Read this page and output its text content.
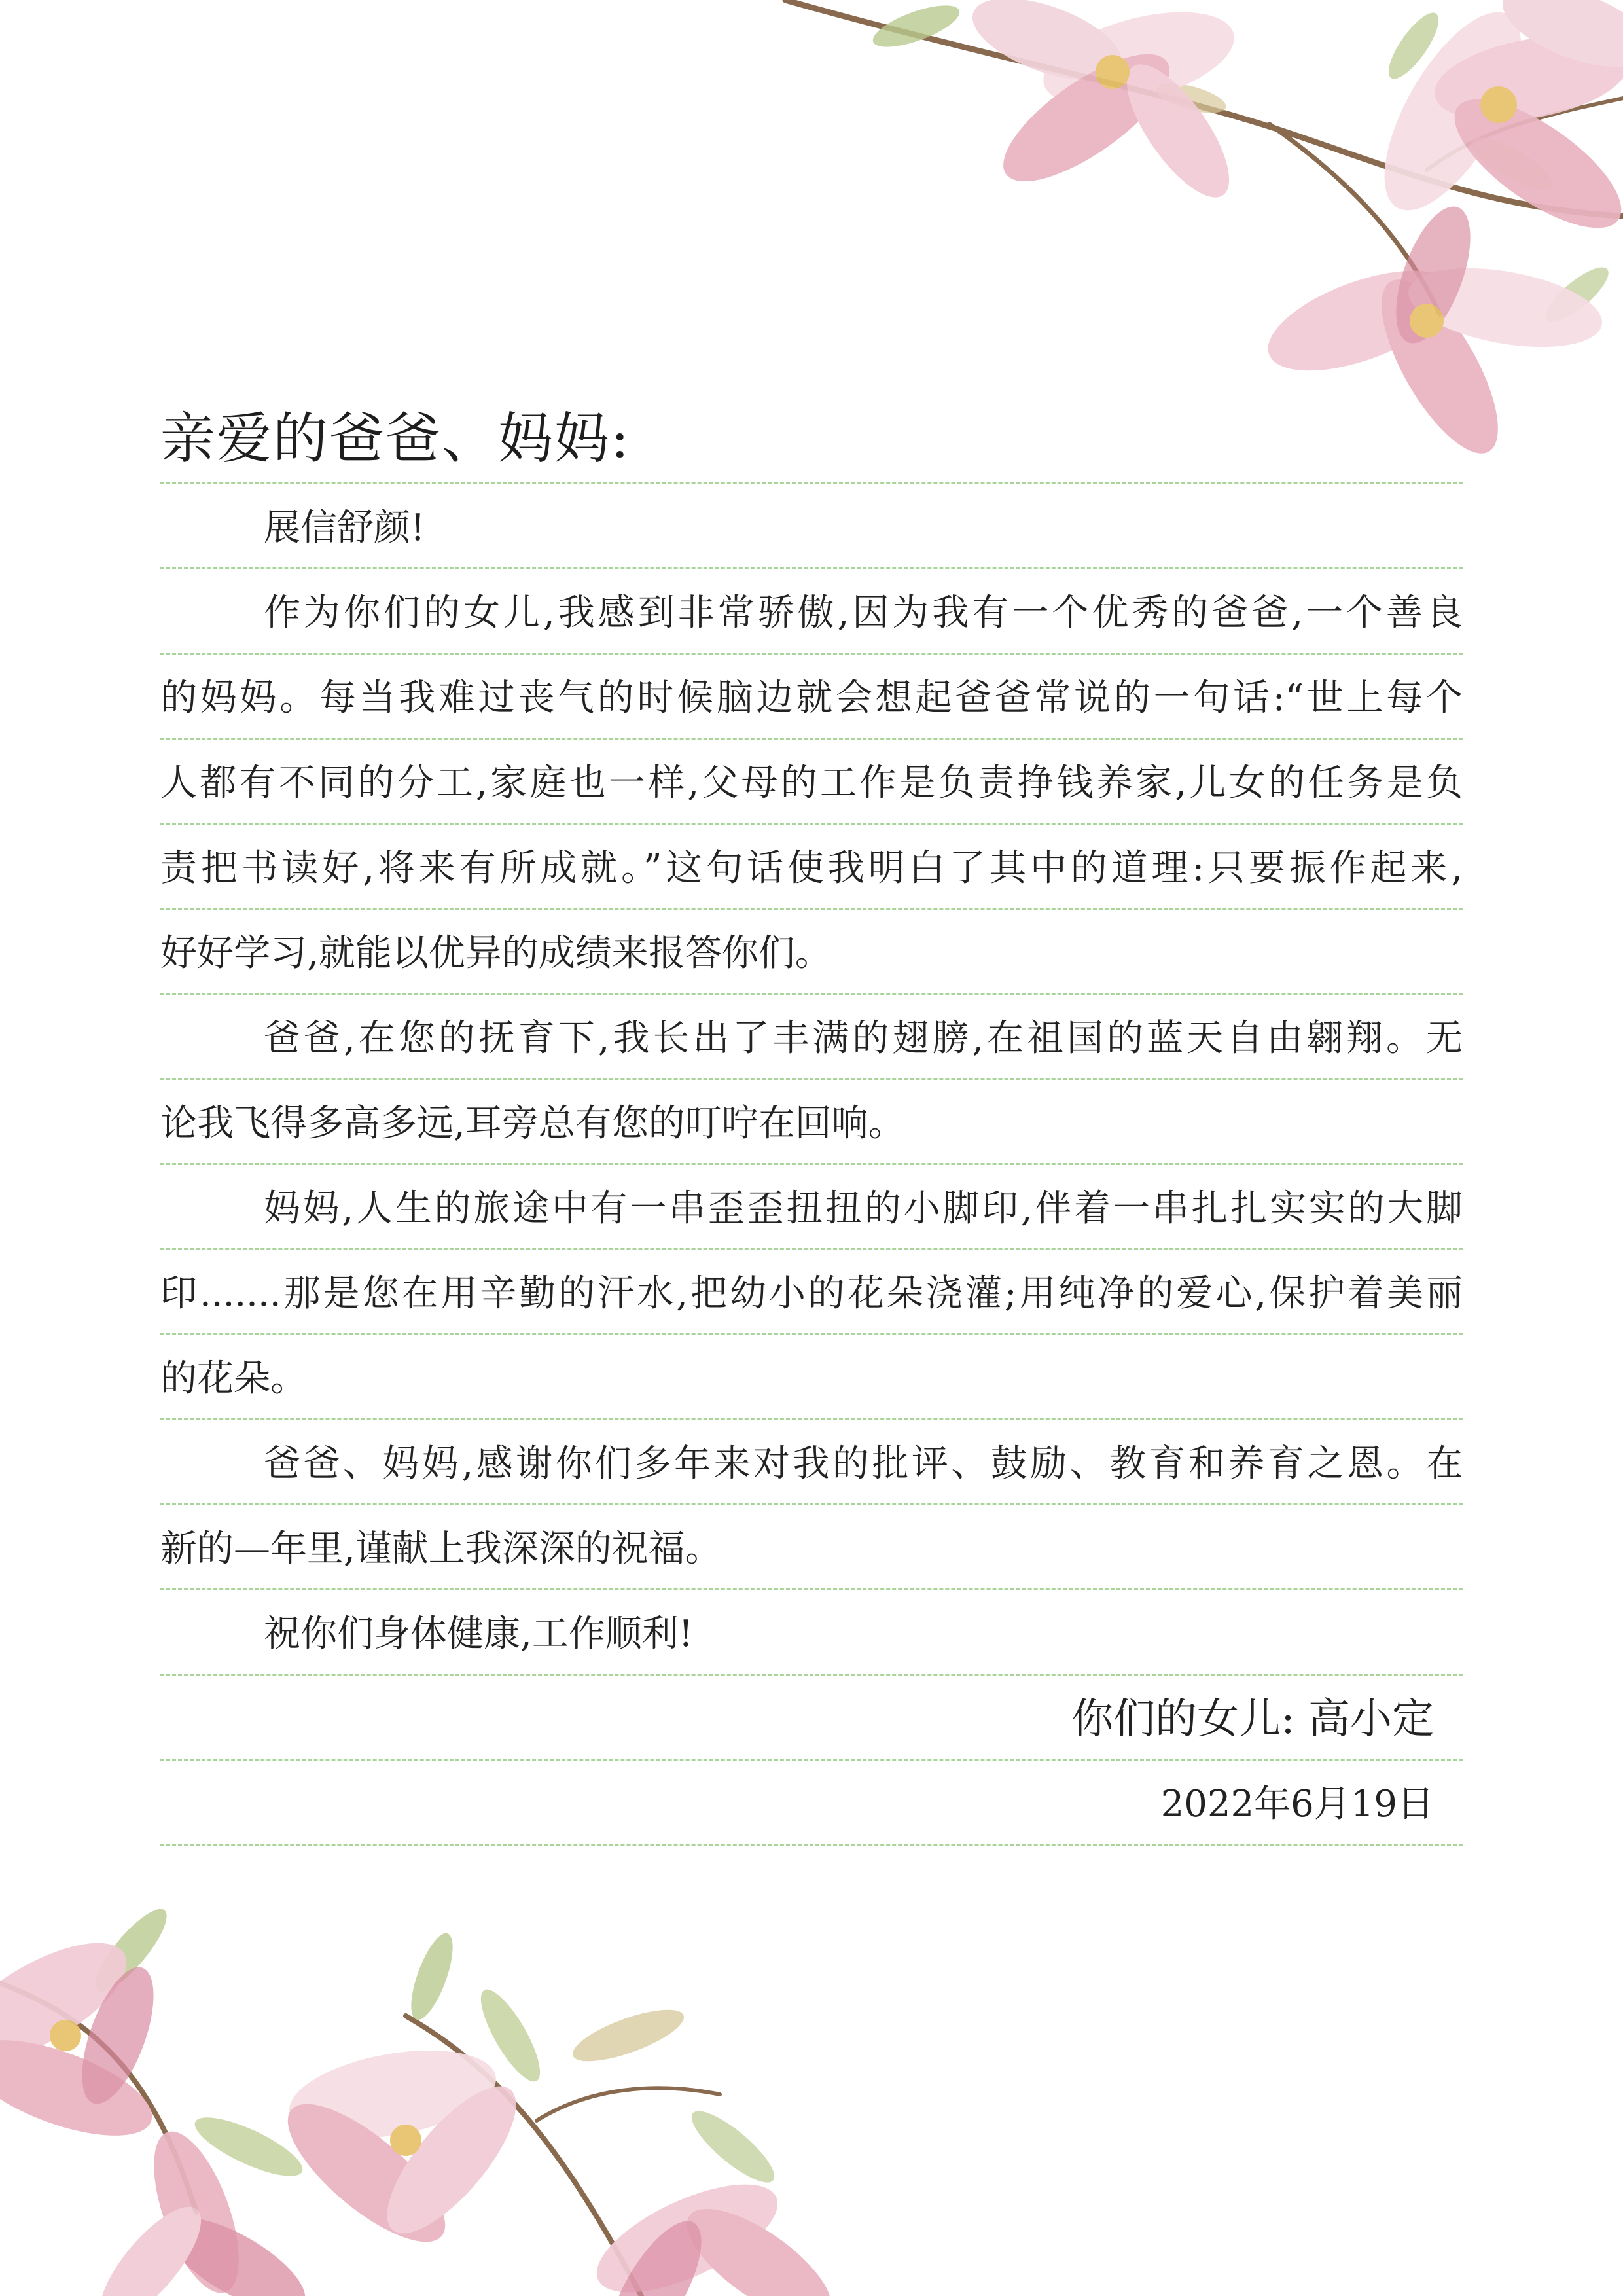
亲爱的爸爸、妈妈:
展信舒颜!
作为你们的女儿,我感到非常骄傲,因为我有一个优秀的爸爸,一个善良
的妈妈。每当我难过丧气的时候脑边就会想起爸爸常说的一句话:“世上每个
人都有不同的分工,家庭也一样,父母的工作是负责挣钱养家,儿女的任务是负
责把书读好,将来有所成就。”这句话使我明白了其中的道理:只要振作起来,
好好学习,就能以优异的成绩来报答你们。
爸爸,在您的抚育下,我长出了丰满的翅膀,在祖国的蓝天自由翱翔。无
论我飞得多高多远,耳旁总有您的叮咛在回响。
妈妈,人生的旅途中有一串歪歪扭扭的小脚印,伴着一串扎扎实实的大脚
印.......那是您在用辛勤的汗水,把幼小的花朵浇灌;用纯净的爱心,保护着美丽
的花朵。
爸爸、妈妈,感谢你们多年来对我的批评、鼓励、教育和养育之恩。在
新的—年里,谨献上我深深的祝福。
祝你们身体健康,工作顺利!
你们的女儿: 高小定
2022年6月19日
